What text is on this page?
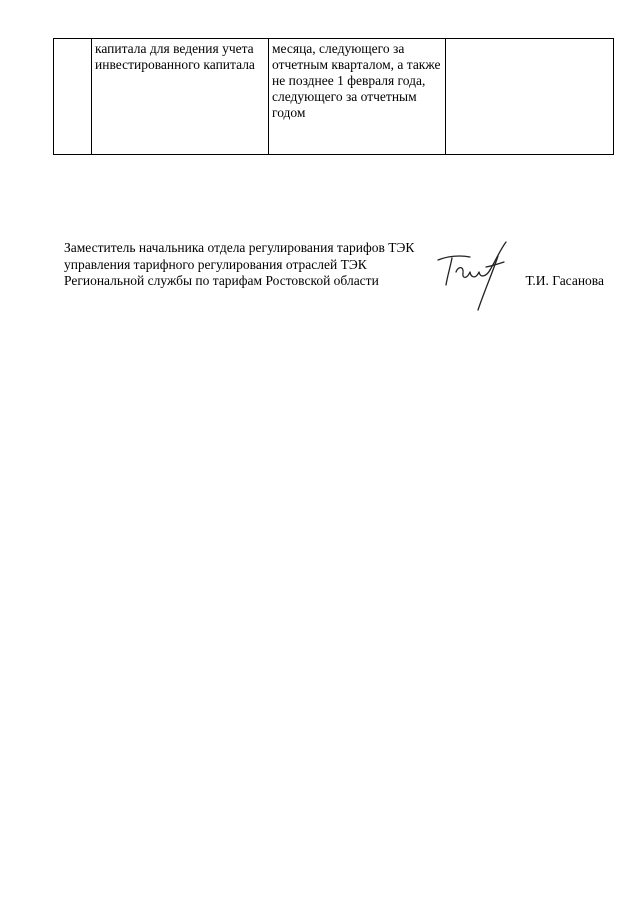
	капитала для ведения учета инвестированного капитала	месяца, следующего за отчетным кварталом, а также не позднее 1 февраля года, следующего за отчетным годом	
Заместитель начальника отдела регулирования тарифов ТЭК
управления тарифного регулирования отраслей ТЭК
Региональной службы по тарифам Ростовской области	Т.И. Гасанова
